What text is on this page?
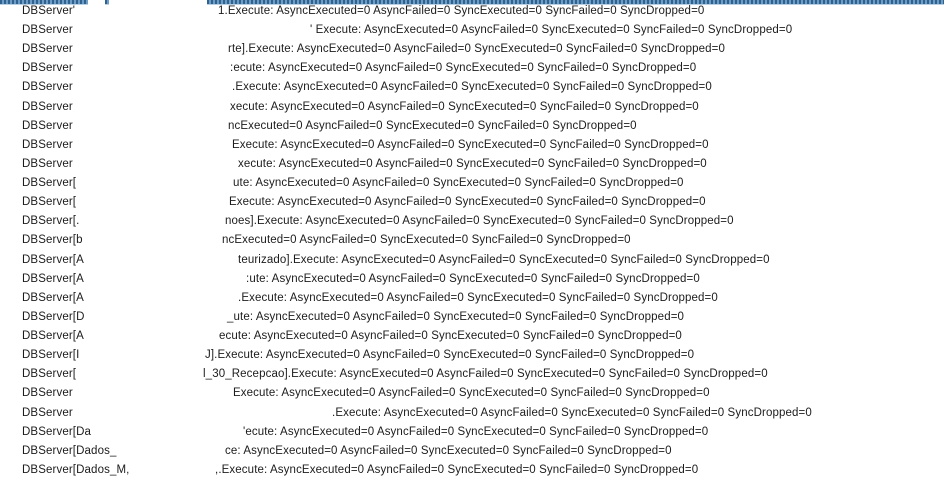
DBServer'	1.Execute: AsyncExecuted=0 AsyncFailed=0 SyncExecuted=0 SyncFailed=0 SyncDropped=0
DBServer	' Execute: AsyncExecuted=0 AsyncFailed=0 SyncExecuted=0 SyncFailed=0 SyncDropped=0
DBServer	rte].Execute: AsyncExecuted=0 AsyncFailed=0 SyncExecuted=0 SyncFailed=0 SyncDropped=0
DBServer	:ecute: AsyncExecuted=0 AsyncFailed=0 SyncExecuted=0 SyncFailed=0 SyncDropped=0
DBServer	.Execute: AsyncExecuted=0 AsyncFailed=0 SyncExecuted=0 SyncFailed=0 SyncDropped=0
DBServer	xecute: AsyncExecuted=0 AsyncFailed=0 SyncExecuted=0 SyncFailed=0 SyncDropped=0
DBServer	ncExecuted=0 AsyncFailed=0 SyncExecuted=0 SyncFailed=0 SyncDropped=0
DBServer	Execute: AsyncExecuted=0 AsyncFailed=0 SyncExecuted=0 SyncFailed=0 SyncDropped=0
DBServer	xecute: AsyncExecuted=0 AsyncFailed=0 SyncExecuted=0 SyncFailed=0 SyncDropped=0
DBServer[	ute: AsyncExecuted=0 AsyncFailed=0 SyncExecuted=0 SyncFailed=0 SyncDropped=0
DBServer[	Execute: AsyncExecuted=0 AsyncFailed=0 SyncExecuted=0 SyncFailed=0 SyncDropped=0
DBServer[.	noes].Execute: AsyncExecuted=0 AsyncFailed=0 SyncExecuted=0 SyncFailed=0 SyncDropped=0
DBServer[b	ncExecuted=0 AsyncFailed=0 SyncExecuted=0 SyncFailed=0 SyncDropped=0
DBServer[A	teurizado].Execute: AsyncExecuted=0 AsyncFailed=0 SyncExecuted=0 SyncFailed=0 SyncDropped=0
DBServer[A	:ute: AsyncExecuted=0 AsyncFailed=0 SyncExecuted=0 SyncFailed=0 SyncDropped=0
DBServer[A	.Execute: AsyncExecuted=0 AsyncFailed=0 SyncExecuted=0 SyncFailed=0 SyncDropped=0
DBServer[D	_ute: AsyncExecuted=0 AsyncFailed=0 SyncExecuted=0 SyncFailed=0 SyncDropped=0
DBServer[A	ecute: AsyncExecuted=0 AsyncFailed=0 SyncExecuted=0 SyncFailed=0 SyncDropped=0
DBServer[I	J].Execute: AsyncExecuted=0 AsyncFailed=0 SyncExecuted=0 SyncFailed=0 SyncDropped=0
DBServer[	l_30_Recepcao].Execute: AsyncExecuted=0 AsyncFailed=0 SyncExecuted=0 SyncFailed=0 SyncDropped=0
DBServer	Execute: AsyncExecuted=0 AsyncFailed=0 SyncExecuted=0 SyncFailed=0 SyncDropped=0
DBServer	.Execute: AsyncExecuted=0 AsyncFailed=0 SyncExecuted=0 SyncFailed=0 SyncDropped=0
DBServer[Da	'ecute: AsyncExecuted=0 AsyncFailed=0 SyncExecuted=0 SyncFailed=0 SyncDropped=0
DBServer[Dados_	ce: AsyncExecuted=0 AsyncFailed=0 SyncExecuted=0 SyncFailed=0 SyncDropped=0
DBServer[Dados_M,	,.Execute: AsyncExecuted=0 AsyncFailed=0 SyncExecuted=0 SyncFailed=0 SyncDropped=0
